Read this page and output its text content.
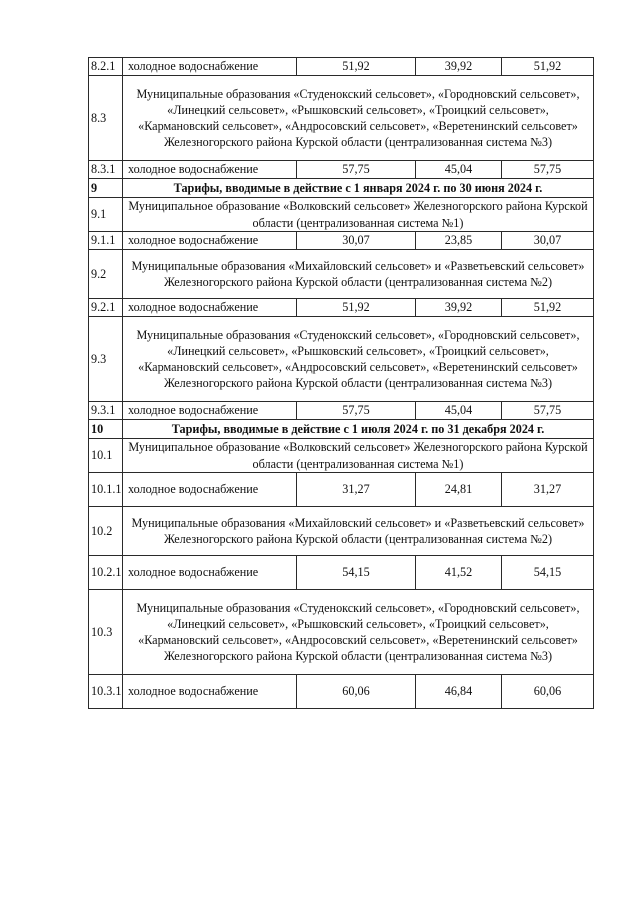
8.2.1	холодное водоснабжение	51,92	39,92	51,92
8.3	Муниципальные образования «Студенокский сельсовет», «Городновский сельсовет», «Линецкий сельсовет», «Рышковский сельсовет», «Троицкий сельсовет», «Кармановский сельсовет», «Андросовский сельсовет», «Веретенинский сельсовет» Железногорского района Курской области (централизованная система №3)			
8.3.1	холодное водоснабжение	57,75	45,04	57,75
9	Тарифы, вводимые в действие с 1 января 2024 г. по 30 июня 2024 г.			
9.1	Муниципальное образование «Волковский сельсовет» Железногорского района Курской области (централизованная система №1)			
9.1.1	холодное водоснабжение	30,07	23,85	30,07
9.2	Муниципальные образования «Михайловский сельсовет» и «Разветьевский сельсовет» Железногорского района Курской области (централизованная система №2)			
9.2.1	холодное водоснабжение	51,92	39,92	51,92
9.3	Муниципальные образования «Студенокский сельсовет», «Городновский сельсовет», «Линецкий сельсовет», «Рышковский сельсовет», «Троицкий сельсовет», «Кармановский сельсовет», «Андросовский сельсовет», «Веретенинский сельсовет» Железногорского района Курской области (централизованная система №3)			
9.3.1	холодное водоснабжение	57,75	45,04	57,75
10	Тарифы, вводимые в действие с 1 июля 2024 г. по 31 декабря 2024 г.			
10.1	Муниципальное образование «Волковский сельсовет» Железногорского района Курской области (централизованная система №1)			
10.1.1	холодное водоснабжение	31,27	24,81	31,27
10.2	Муниципальные образования «Михайловский сельсовет» и «Разветьевский сельсовет» Железногорского района Курской области (централизованная система №2)			
10.2.1	холодное водоснабжение	54,15	41,52	54,15
10.3	Муниципальные образования «Студенокский сельсовет», «Городновский сельсовет», «Линецкий сельсовет», «Рышковский сельсовет», «Троицкий сельсовет», «Кармановский сельсовет», «Андросовский сельсовет», «Веретенинский сельсовет» Железногорского района Курской области (централизованная система №3)			
10.3.1	холодное водоснабжение	60,06	46,84	60,06
